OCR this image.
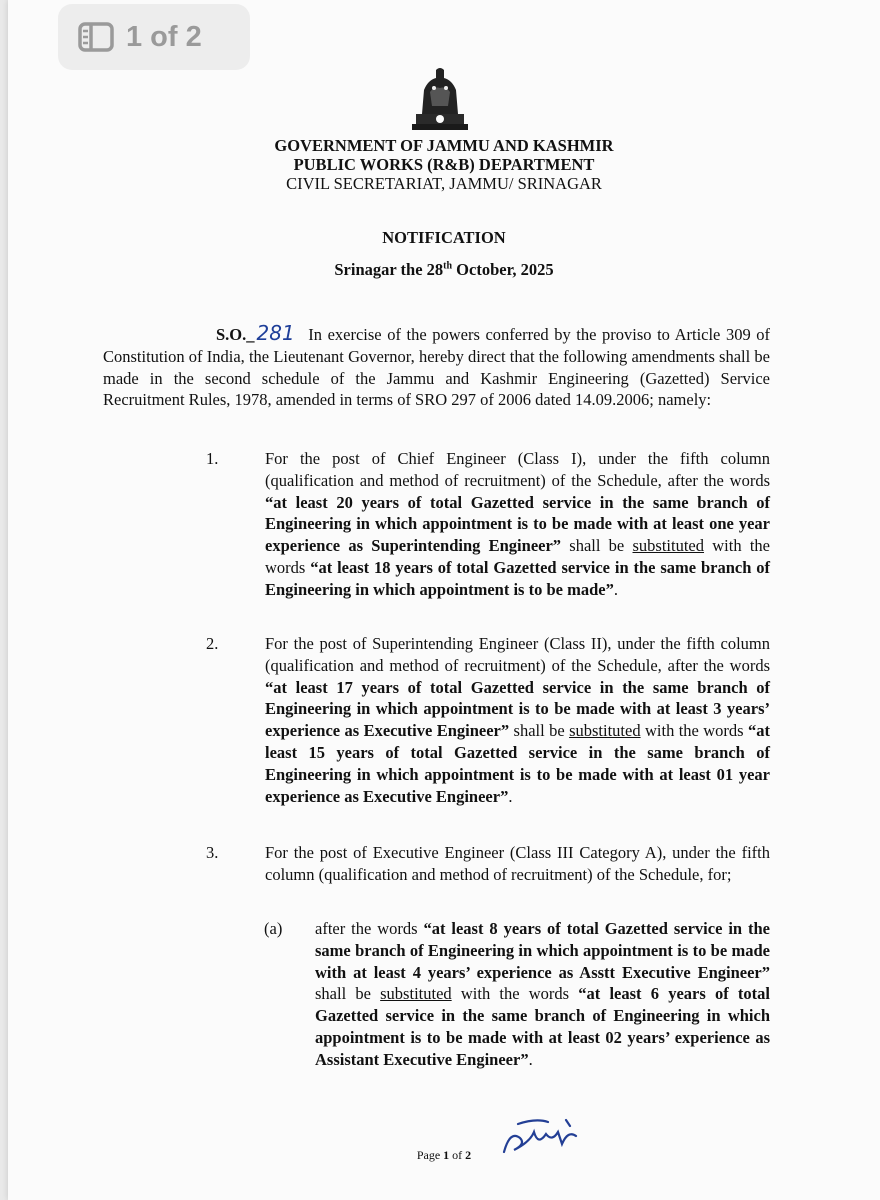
1 of 2
GOVERNMENT OF JAMMU AND KASHMIR
PUBLIC WORKS (R&B) DEPARTMENT
CIVIL SECRETARIAT, JAMMU/ SRINAGAR
NOTIFICATION
Srinagar the 28th October, 2025
S.O._ 281 In exercise of the powers conferred by the proviso to Article 309 of Constitution of India, the Lieutenant Governor, hereby direct that the following amendments shall be made in the second schedule of the Jammu and Kashmir Engineering (Gazetted) Service Recruitment Rules, 1978, amended in terms of SRO 297 of 2006 dated 14.09.2006; namely:
1.	For the post of Chief Engineer (Class I), under the fifth column (qualification and method of recruitment) of the Schedule, after the words “at least 20 years of total Gazetted service in the same branch of Engineering in which appointment is to be made with at least one year experience as Superintending Engineer” shall be substituted with the words “at least 18 years of total Gazetted service in the same branch of Engineering in which appointment is to be made”.
2.	For the post of Superintending Engineer (Class II), under the fifth column (qualification and method of recruitment) of the Schedule, after the words “at least 17 years of total Gazetted service in the same branch of Engineering in which appointment is to be made with at least 3 years’ experience as Executive Engineer” shall be substituted with the words “at least 15 years of total Gazetted service in the same branch of Engineering in which appointment is to be made with at least 01 year experience as Executive Engineer”.
3.	For the post of Executive Engineer (Class III Category A), under the fifth column (qualification and method of recruitment) of the Schedule, for;
(a) after the words “at least 8 years of total Gazetted service in the same branch of Engineering in which appointment is to be made with at least 4 years’ experience as Asstt Executive Engineer” shall be substituted with the words “at least 6 years of total Gazetted service in the same branch of Engineering in which appointment is to be made with at least 02 years’ experience as Assistant Executive Engineer”.
Page 1 of 2
